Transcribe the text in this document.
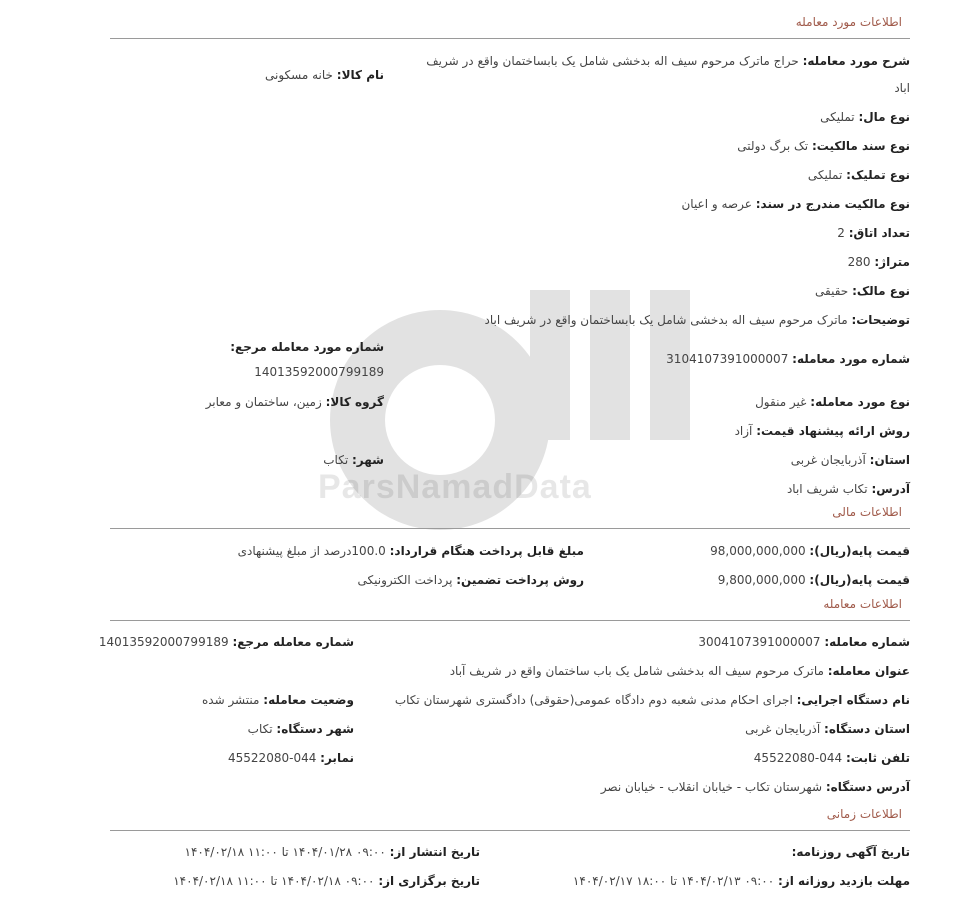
ParsNamadData
اطلاعات مورد معامله
شرح مورد معامله: حراج ماترک مرحوم سیف اله بدخشی شامل یک بابساختمان واقع در شریف
اباد
نام کالا: خانه مسکونی
نوع مال: تملیکی
نوع سند مالکیت: تک برگ دولتی
نوع تملیک: تملیکی
نوع مالکیت مندرج در سند: عرصه و اعیان
تعداد اتاق: 2
متراژ: 280
نوع مالک: حقیقی
توضیحات: ماترک مرحوم سیف اله بدخشی شامل یک بابساختمان واقع در شریف اباد
شماره مورد معامله: 3104107391000007
شماره مورد معامله مرجع:
14013592000799189
نوع مورد معامله: غیر منقول
گروه کالا: زمین، ساختمان و معابر
روش ارائه پیشنهاد قیمت: آزاد
استان: آذربایجان غربی
شهر: تکاب
آدرس: تکاب شریف اباد
اطلاعات مالی
قیمت پایه(ریال): 98,000,000,000
مبلغ قابل پرداخت هنگام قرارداد: 100.0درصد از مبلغ پیشنهادی
قیمت پایه(ریال): 9,800,000,000
روش پرداخت تضمین: پرداخت الکترونیکی
اطلاعات معامله
شماره معامله: 3004107391000007
شماره معامله مرجع: 14013592000799189
عنوان معامله: ماترک مرحوم سیف اله بدخشی شامل یک باب ساختمان واقع در شریف آباد
نام دستگاه اجرایی: اجرای احکام مدنی شعبه دوم دادگاه عمومی(حقوقی) دادگستری شهرستان تکاب
وضعیت معامله: منتشر شده
استان دستگاه: آذربایجان غربی
شهر دستگاه: تکاب
تلفن ثابت: 044-45522080
نمابر: 044-45522080
آدرس دستگاه: شهرستان تکاب - خیابان انقلاب - خیابان نصر
اطلاعات زمانی
تاریخ آگهی روزنامه:
تاریخ انتشار از: ۰۹:۰۰ ۱۴۰۴/۰۱/۲۸ تا ۱۱:۰۰ ۱۴۰۴/۰۲/۱۸
مهلت بازدید روزانه از: ۰۹:۰۰ ۱۴۰۴/۰۲/۱۳ تا ۱۸:۰۰ ۱۴۰۴/۰۲/۱۷
تاریخ برگزاری از: ۰۹:۰۰ ۱۴۰۴/۰۲/۱۸ تا ۱۱:۰۰ ۱۴۰۴/۰۲/۱۸
